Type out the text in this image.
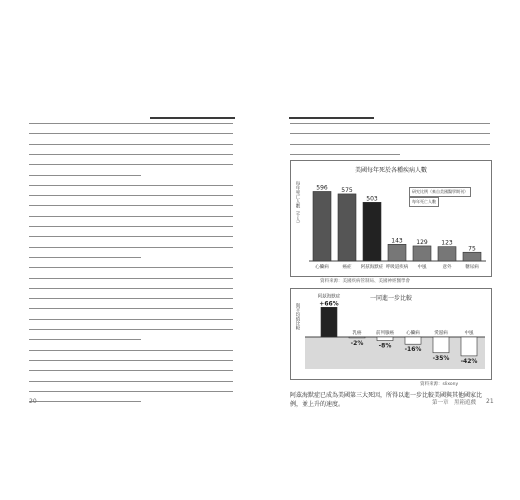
20
美國每年死於各種疾病人數
每年死亡人數（千人）	596
心臟病
575
癌症
503
阿茲海默症
143
呼吸道疾病
129
中風
123
意外
75
糖尿病
研究比例（來自美國醫學期刊）
每年死亡人數
資料來源：美國疾病管制局、美國神經醫學會
一同進一步比較
與平均值比較	+66%
阿茲海默症
-2%
乳癌
-8%
前列腺癌
-16%
心臟病
-35%
愛滋病
-42%
中風
資料來源：slixony
阿茲海默症已成為美國第三大死因，所得以進一步比較美國與其他國家比例，並上升的速度。	第一章　黑箱遊戲 21
